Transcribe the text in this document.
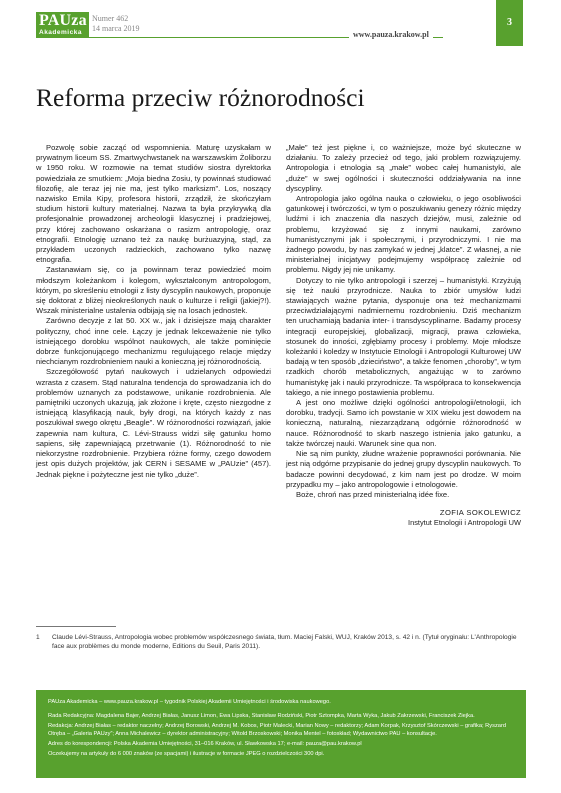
PAUza
Akademicka
Numer 462
14 marca 2019
www.pauza.krakow.pl
3
Reforma przeciw różnorodności

Pozwolę sobie zacząć od wspomnienia. Maturę uzyskałam w prywatnym liceum SS. Zmartwychwstanek na warszawskim Żoliborzu w 1950 roku. W rozmowie na temat studiów siostra dyrektorka powiedziała ze smutkiem: „Moja biedna Zosiu, ty powinnaś studiować filozofię, ale teraz jej nie ma, jest tylko marksizm”. Los, noszący nazwisko Emila Kipy, profesora historii, zrządził, że skończyłam studium historii kultury materialnej. Nazwa ta była przykrywką dla profesjonalnie prowadzonej archeologii klasycznej i pradziejowej, przy której zachowano oskarżana o rasizm antropologię, oraz etnografii. Etnologię uznano też za naukę burżuazyjną, stąd, za przykładem uczonych radzieckich, zachowano tylko nazwę etnografia.

Zastanawiam się, co ja powinnam teraz powiedzieć moim młodszym koleżankom i kolegom, wykształconym antropologom, którym, po skreśleniu etnologii z listy dyscyplin naukowych, proponuje się doktorat z bliżej nieokreślonych nauk o kulturze i religii (jakiej?!). Wszak ministerialne ustalenia odbijają się na losach jednostek.

Zarówno decyzje z lat 50. XX w., jak i dzisiejsze mają charakter polityczny, choć inne cele. Łączy je jednak lekceważenie nie tylko istniejącego dorobku wspólnot naukowych, ale także pominięcie dobrze funkcjonującego mechanizmu regulującego relacje między niechcianym rozdrobnieniem nauki a konieczną jej różnorodnością.

Szczegółowość pytań naukowych i udzielanych odpowiedzi wzrasta z czasem. Stąd naturalna tendencja do sprowadzania ich do problemów uznanych za podstawowe, unikanie rozdrobnienia. Ale pamiętniki uczonych ukazują, jak złożone i kręte, często niezgodne z istniejącą klasyfikacją nauk, były drogi, na których każdy z nas poszukiwał swego okrętu „Beagle”. W różnorodności rozwiązań, jakie zapewnia nam kultura, C. Lévi-Strauss widzi siłę gatunku homo sapiens, siłę zapewniającą przetrwanie (1). Różnorodność to nie niekorzystne rozdrobnienie. Przybiera różne formy, czego dowodem jest opis dużych projektów, jak CERN i SESAME w „PAUzie” (457). Jednak piękne i pożyteczne jest nie tylko „duże”.

„Małe” też jest piękne i, co ważniejsze, może być skuteczne w działaniu. To zależy przecież od tego, jaki problem rozwiązujemy. Antropologia i etnologia są „małe” wobec całej humanistyki, ale „duże” w swej ogólności i skuteczności oddziaływania na inne dyscypliny.

Antropologia jako ogólna nauka o człowieku, o jego osobliwości gatunkowej i twórczości, w tym o poszukiwaniu genezy różnic między ludźmi i ich znaczenia dla naszych dziejów, musi, zależnie od problemu, krzyżować się z innymi naukami, zarówno humanistycznymi jak i społecznymi, i przyrodniczymi. I nie ma żadnego powodu, by nas zamykać w jednej „klatce”. Z własnej, a nie ministerialnej inicjatywy podejmujemy współpracę zależnie od problemu. Nigdy jej nie unikamy.

Dotyczy to nie tylko antropologii i szerzej – humanistyki. Krzyżują się też nauki przyrodnicze. Nauka to zbiór umysłów ludzi stawiających ważne pytania, dysponuje ona też mechanizmami przeciwdziałającymi nadmiernemu rozdrobnieniu. Dziś mechanizm ten uruchamiają badania inter- i transdyscyplinarne. Badamy procesy integracji europejskiej, globalizacji, migracji, prawa człowieka, stosunek do inności, zgłębiamy procesy i problemy. Moje młodsze koleżanki i koledzy w Instytucie Etnologii i Antropologii Kulturowej UW badają w ten sposób „dzieciństwo”, a także fenomen „choroby”, w tym rzadkich chorób metabolicznych, angażując w to zarówno humanistykę jak i nauki przyrodnicze. Ta współpraca to konsekwencja takiego, a nie innego postawienia problemu.

A jest ono możliwe dzięki ogólności antropologii/etnologii, ich dorobku, tradycji. Samo ich powstanie w XIX wieku jest dowodem na konieczną, naturalną, niezarządzaną odgórnie różnorodność w nauce. Różnorodność to skarb naszego istnienia jako gatunku, a także twórczej nauki. Warunek sine qua non.

Nie są nim punkty, złudne wrażenie poprawności porównania. Nie jest nią odgórne przypisanie do jednej grupy dyscyplin naukowych. To badacze powinni decydować, z kim nam jest po drodze. W moim przypadku my – jako antropologowie i etnologowie.

Boże, chroń nas przed ministerialną idée fixe.

ZOFIA SOKOLEWICZ
Instytut Etnologii i Antropologii UW
1 Claude Lévi-Strauss, Antropologia wobec problemów współczesnego świata, tłum. Maciej Falski, WUJ, Kraków 2013, s. 42 i n. (Tytuł oryginału: L'Anthropologie face aux problèmes du monde moderne, Editions du Seuil, Paris 2011).
PAUza Akademicka – www.pauza.krakow.pl – tygodnik Polskiej Akademii Umiejętności i środowiska naukowego.
Rada Redakcyjna: Magdalena Bajer, Andrzej Białas, Janusz Limon, Ewa Lipska, Stanisław Rodziński, Piotr Sztompka, Marta Wyka, Jakub Zakrzewski, Franciszek Ziejka.
Redakcja: Andrzej Białas – redaktor naczelny; Andrzej Borowski, Andrzej M. Kobos, Piotr Malecki, Marian Nowy – redaktorzy; Adam Korpak, Krzysztof Skórczewski – grafika; Ryszard Otręba – „Galeria PAUzy”; Anna Michalewicz – dyrektor administracyjny; Witold Brzoskowski; Monika Mentel – fotoskład; Wydawnictwo PAU – konsultacje.
Adres do korespondencji: Polska Akademia Umiejętności, 31–016 Kraków, ul. Sławkowska 17; e-mail: pauza@pau.krakow.pl
Oczekujemy na artykuły do 6 000 znaków (ze spacjami) i ilustracje w formacie JPEG o rozdzielczości 300 dpi.
